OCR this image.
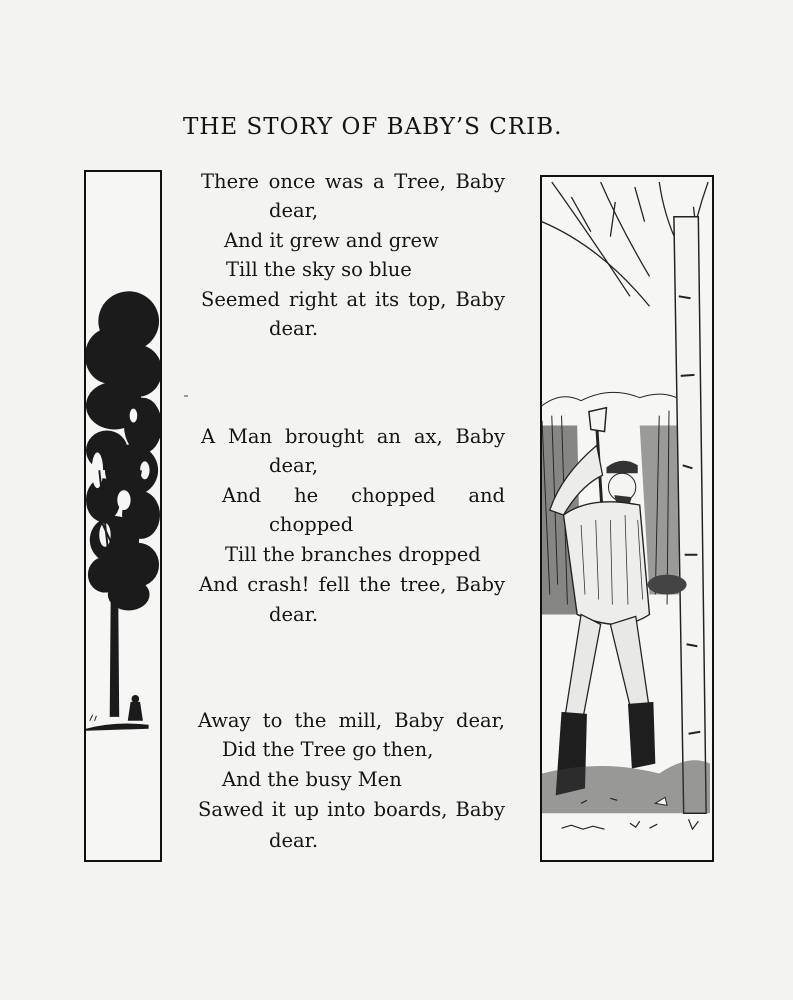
THE STORY OF BABY’S CRIB.
There once was a Tree, Baby
dear,
And it grew and grew
Till the sky so blue
Seemed right at its top, Baby
dear.
A Man brought an ax, Baby
dear,
And he chopped and
chopped
Till the branches dropped
And crash! fell the tree, Baby
dear.
Away to the mill, Baby dear,
Did the Tree go then,
And the busy Men
Sawed it up into boards, Baby
dear.
